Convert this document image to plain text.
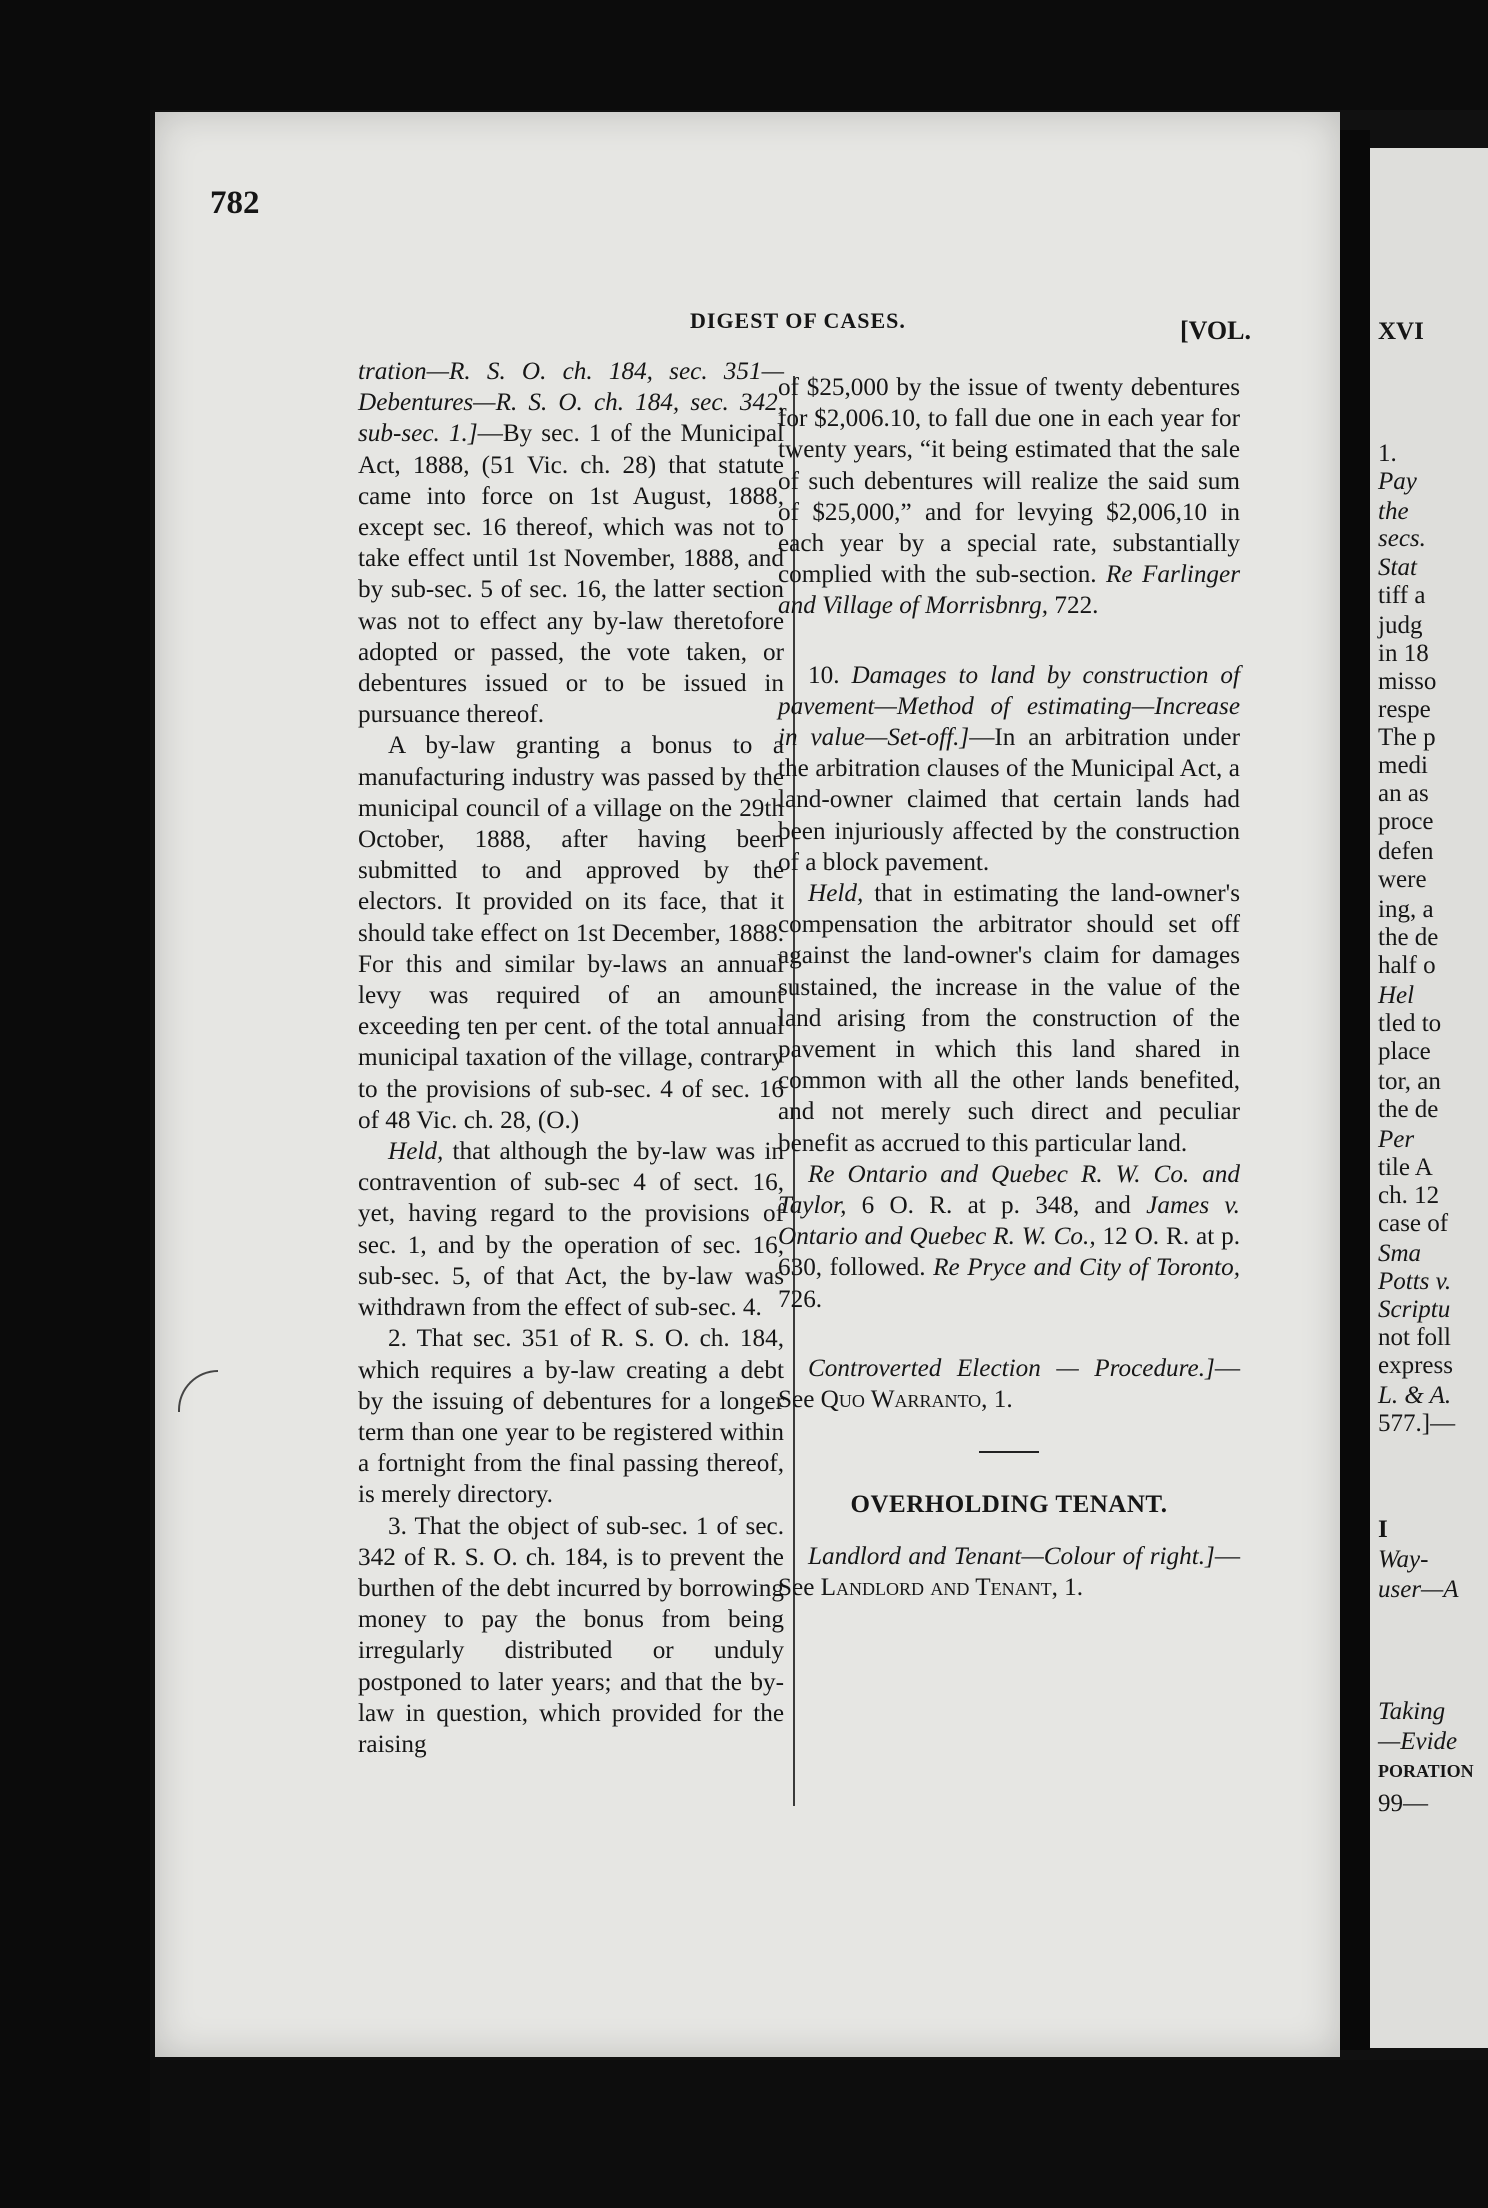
XVI
1.
Pay
the
secs.
Stat
tiff a
judg
in 18
misso
respe
The p
medi
an as
proce
defen
were
ing, a
the de
half o
Hel
tled to
place
tor, an
the de
Per
tile A
ch. 12
case of
Sma
Potts v.
Scriptu
not foll
express
L. & A.
577.]—
I
Way-
user—A
Taking
—Evide
PORATION
99—
782
DIGEST OF CASES.	[VOL.

tration—R. S. O. ch. 184, sec. 351—Debentures—R. S. O. ch. 184, sec. 342, sub-sec. 1.]—By sec. 1 of the Municipal Act, 1888, (51 Vic. ch. 28) that statute came into force on 1st August, 1888, except sec. 16 thereof, which was not to take effect until 1st November, 1888, and by sub-sec. 5 of sec. 16, the latter section was not to effect any by-law theretofore adopted or passed, the vote taken, or debentures issued or to be issued in pursuance thereof.

A by-law granting a bonus to a manufacturing industry was passed by the municipal council of a village on the 29th October, 1888, after having been submitted to and approved by the electors. It provided on its face, that it should take effect on 1st December, 1888. For this and similar by-laws an annual levy was required of an amount exceeding ten per cent. of the total annual municipal taxation of the village, contrary to the provisions of sub-sec. 4 of sec. 16 of 48 Vic. ch. 28, (O.)

Held, that although the by-law was in contravention of sub-sec 4 of sect. 16, yet, having regard to the provisions of sec. 1, and by the operation of sec. 16, sub-sec. 5, of that Act, the by-law was withdrawn from the effect of sub-sec. 4.

2. That sec. 351 of R. S. O. ch. 184, which requires a by-law creating a debt by the issuing of debentures for a longer term than one year to be registered within a fortnight from the final passing thereof, is merely directory.

3. That the object of sub-sec. 1 of sec. 342 of R. S. O. ch. 184, is to prevent the burthen of the debt incurred by borrowing money to pay the bonus from being irregularly distributed or unduly postponed to later years; and that the by-law in question, which provided for the raising

of $25,000 by the issue of twenty debentures for $2,006.10, to fall due one in each year for twenty years, “it being estimated that the sale of such debentures will realize the said sum of $25,000,” and for levying $2,006,10 in each year by a special rate, substantially complied with the sub-section. Re Farlinger and Village of Morrisbnrg, 722.

10. Damages to land by construction of pavement—Method of estimating—Increase in value—Set-off.]—In an arbitration under the arbitration clauses of the Municipal Act, a land-owner claimed that certain lands had been injuriously affected by the construction of a block pavement.

Held, that in estimating the land-owner's compensation the arbitrator should set off against the land-owner's claim for damages sustained, the increase in the value of the land arising from the construction of the pavement in which this land shared in common with all the other lands benefited, and not merely such direct and peculiar benefit as accrued to this particular land.

Re Ontario and Quebec R. W. Co. and Taylor, 6 O. R. at p. 348, and James v. Ontario and Quebec R. W. Co., 12 O. R. at p. 630, followed. Re Pryce and City of Toronto, 726.

Controverted Election — Procedure.]—See Quo Warranto, 1.

OVERHOLDING TENANT.

Landlord and Tenant—Colour of right.]—See Landlord and Tenant, 1.
